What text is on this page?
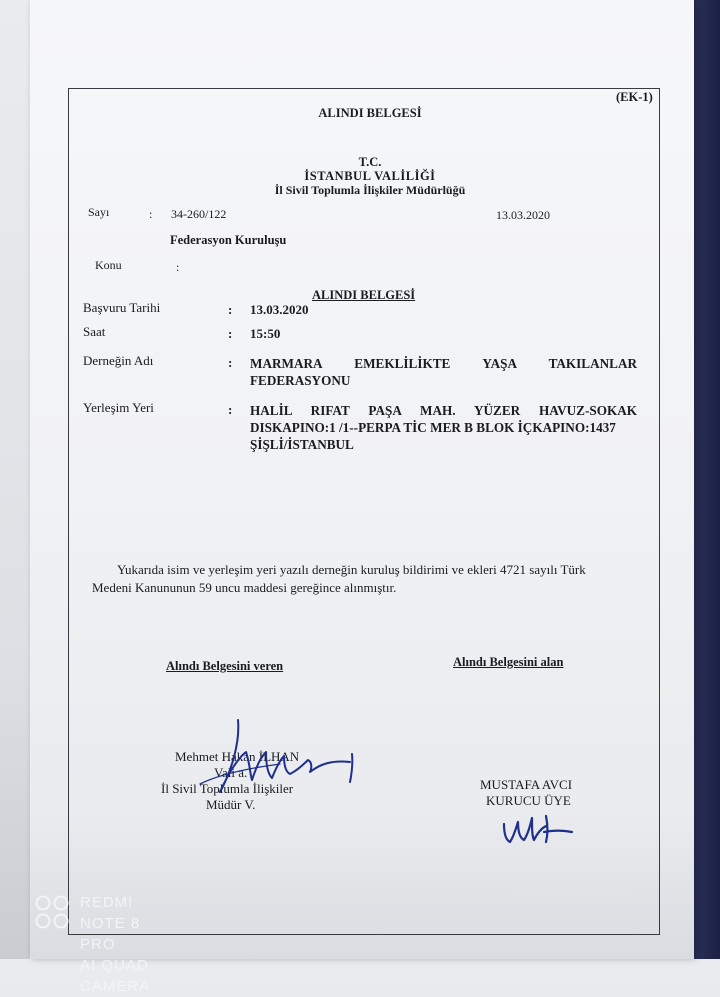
(EK-1)
ALINDI BELGESİ
T.C.
İSTANBUL VALİLİĞİ
İl Sivil Toplumla İlişkiler Müdürlüğü
Sayı	: 34-260/122	13.03.2020
Federasyon Kuruluşu
Konu	:
ALINDI BELGESİ
Başvuru Tarihi	: 13.03.2020
Saat	: 15:50
Derneğin Adı	: MARMARA EMEKLİLİKTE YAŞA TAKILANLAR
FEDERASYONU
Yerleşim Yeri	: HALİL RIFAT PAŞA MAH. YÜZER HAVUZ-SOKAK
DISKAPINO:1 /1--PERPA TİC MER B BLOK İÇKAPINO:1437
ŞİŞLİ/İSTANBUL
Yukarıda isim ve yerleşim yeri yazılı derneğin kuruluş bildirimi ve ekleri 4721 sayılı Türk
Medeni Kanununun 59 uncu maddesi gereğince alınmıştır.
Alındı Belgesini veren	Alındı Belgesini alan
Mehmet Hakan İLHAN
Vali a.
İl Sivil Toplumla İlişkiler
Müdür V.
MUSTAFA AVCI
KURUCU ÜYE
REDMI NOTE 8 PRO
AI QUAD CAMERA
